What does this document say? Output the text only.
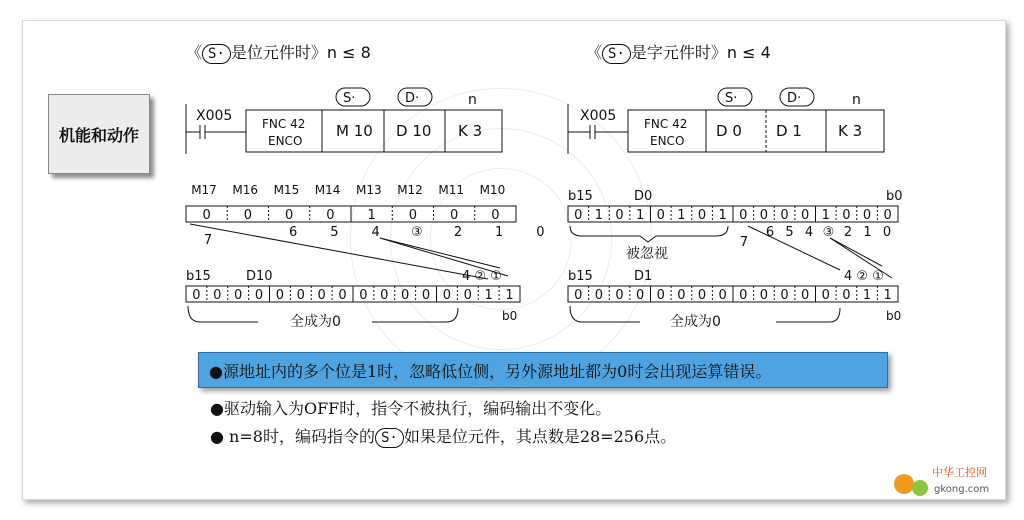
《 S· 是位元件时》n ≤ 8	《 S· 是字元件时》n ≤ 4
机能和动作
X005 FNC 42
ENCO
M 10 D 10 K 3
S·	D·	n
M17 M16 M15 M14 M13 M12 M11 M10
0	0	0	0	1	0	0	0
7
6	5	4 ③ 2	1	0
b15	D10	4 ② ①
0 0 0 0 0 0 0 0 0 0 0 0 0 0 1 1
b0
全成为0
X005 FNC 42
ENCO
D 0 D 1 K 3
S·	D·	n
b15	D0	b0
0 1 0 1 0 1 0 1 0 0 0 0 1 0 0 0
被忽视
7
6 5 4 ③ 2 1 0
b15	D1	4 ② ①
0 0 0 0 0 0 0 0 0 0 0 0 0 0 1 1
b0
全成为0
●源地址内的多个位是1时，忽略低位侧，另外源地址都为0时会出现运算错误。
●驱动输入为OFF时，指令不被执行，编码输出不变化。
● n=8时，编码指令的 S· 如果是位元件，其点数是28=256点。
中华工控网
gkong.com
